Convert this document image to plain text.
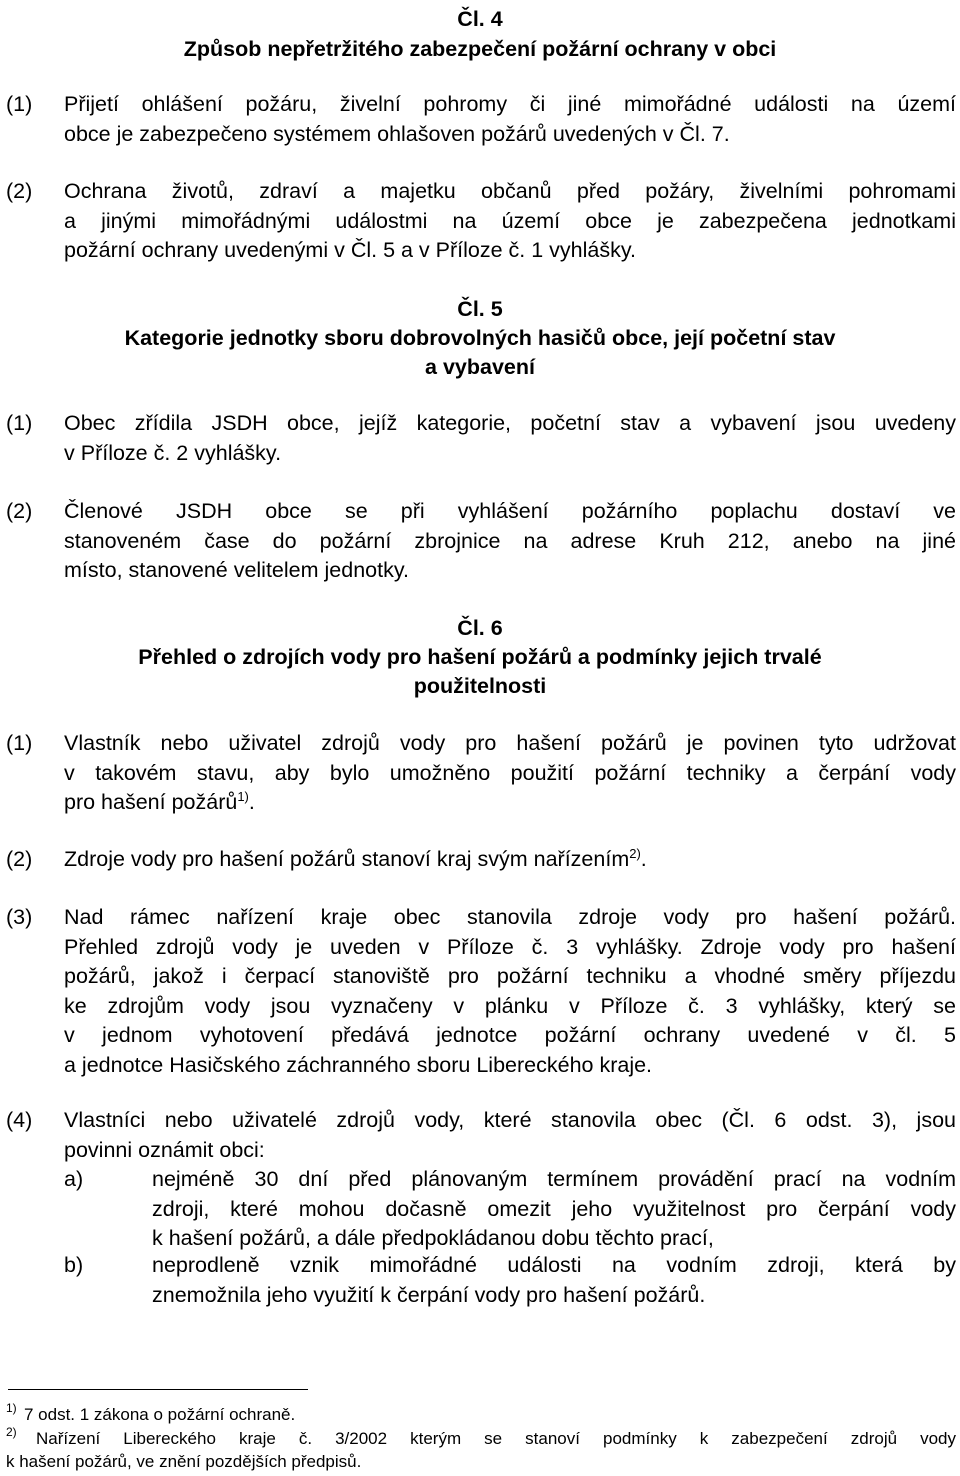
Čl. 4
Způsob nepřetržitého zabezpečení požární ochrany v obci
(1) Přijetí ohlášení požáru, živelní pohromy či jiné mimořádné události na území
obce je zabezpečeno systémem ohlašoven požárů uvedených v Čl. 7.
(2) Ochrana životů, zdraví a majetku občanů před požáry, živelními pohromami
a jinými mimořádnými událostmi na území obce je zabezpečena jednotkami
požární ochrany uvedenými v Čl. 5 a v Příloze č. 1 vyhlášky.
Čl. 5
Kategorie jednotky sboru dobrovolných hasičů obce, její početní stav
a vybavení
(1) Obec zřídila JSDH obce, jejíž kategorie, početní stav a vybavení jsou uvedeny
v Příloze č. 2 vyhlášky.
(2) Členové JSDH obce se při vyhlášení požárního poplachu dostaví ve
stanoveném čase do požární zbrojnice na adrese Kruh 212, anebo na jiné
místo, stanovené velitelem jednotky.
Čl. 6
Přehled o zdrojích vody pro hašení požárů a podmínky jejich trvalé
použitelnosti
(1) Vlastník nebo uživatel zdrojů vody pro hašení požárů je povinen tyto udržovat
v takovém stavu, aby bylo umožněno použití požární techniky a čerpání vody
pro hašení požárů$^{1)}$.
(2) Zdroje vody pro hašení požárů stanoví kraj svým nařízením$^{2)}$.
(3) Nad rámec nařízení kraje obec stanovila zdroje vody pro hašení požárů.
Přehled zdrojů vody je uveden v Příloze č. 3 vyhlášky. Zdroje vody pro hašení
požárů, jakož i čerpací stanoviště pro požární techniku a vhodné směry příjezdu
ke zdrojům vody jsou vyznačeny v plánku v Příloze č. 3 vyhlášky, který se
v jednom vyhotovení předává jednotce požární ochrany uvedené v čl. 5
a jednotce Hasičského záchranného sboru Libereckého kraje.
(4) Vlastníci nebo uživatelé zdrojů vody, které stanovila obec (Čl. 6 odst. 3), jsou
povinni oznámit obci:
a)	nejméně 30 dní před plánovaným termínem provádění prací na vodním
zdroji, které mohou dočasně omezit jeho využitelnost pro čerpání vody
k hašení požárů, a dále předpokládanou dobu těchto prací,
b)	neprodleně vznik mimořádné události na vodním zdroji, která by
znemožnila jeho využití k čerpání vody pro hašení požárů.
1) 7 odst. 1 zákona o požární ochraně.
2) Nařízení Libereckého kraje č. 3/2002 kterým se stanoví podmínky k zabezpečení zdrojů vody
k hašení požárů, ve znění pozdějších předpisů.
